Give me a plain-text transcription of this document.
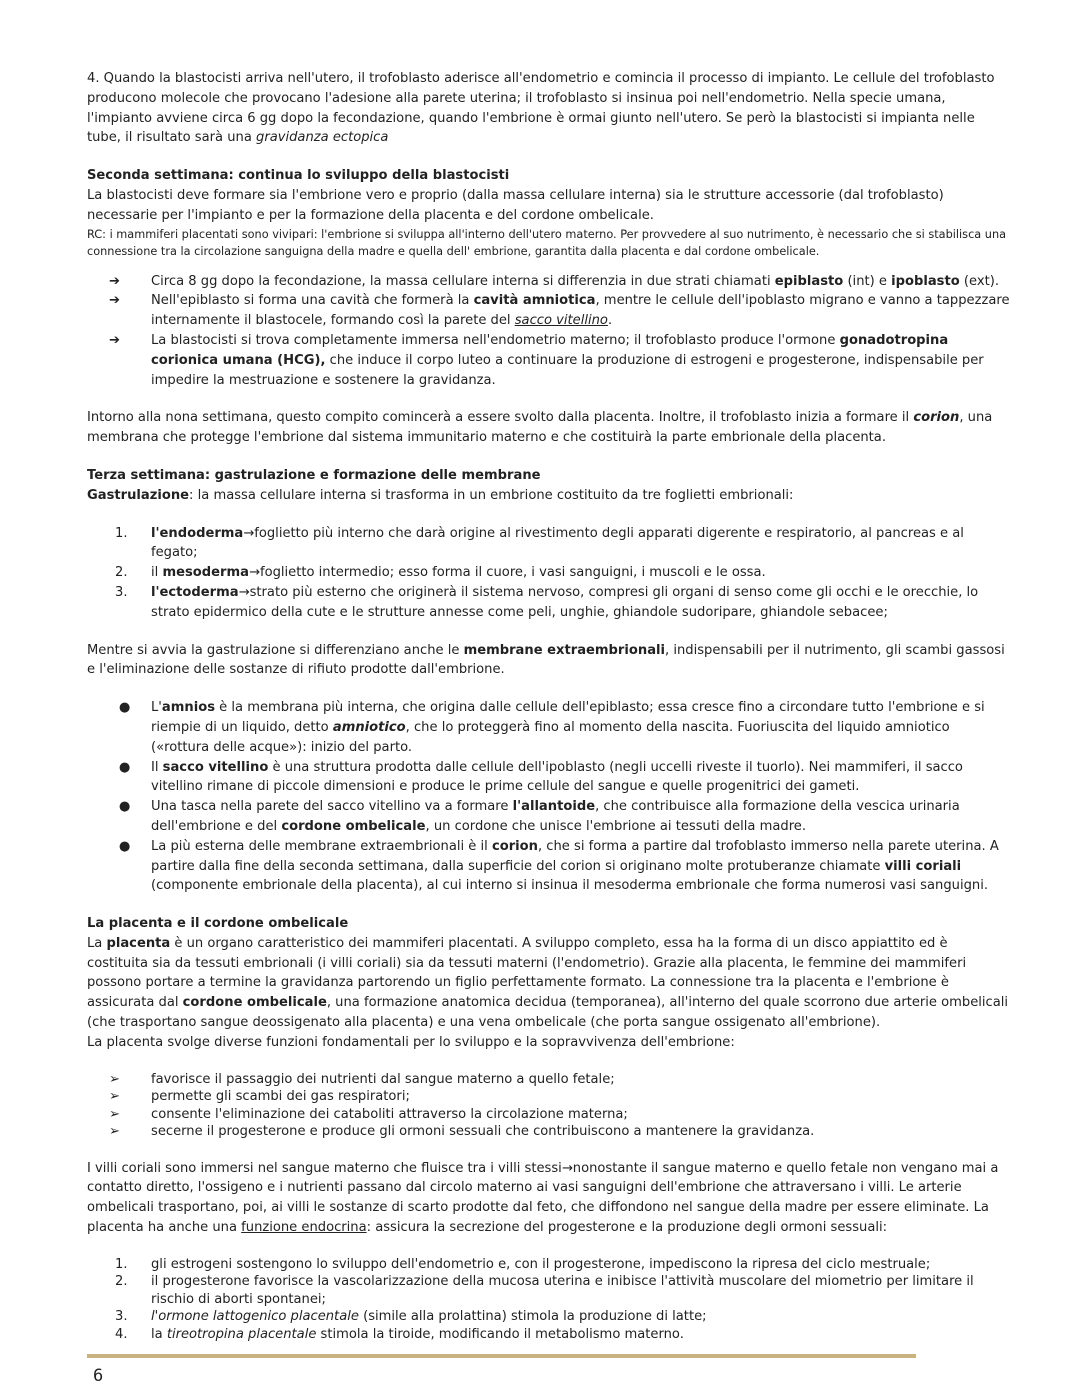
4. Quando la blastocisti arriva nell'utero, il trofoblasto aderisce all'endometrio e comincia il processo di impianto. Le cellule del trofoblasto producono molecole che provocano l'adesione alla parete uterina; il trofoblasto si insinua poi nell'endometrio. Nella specie umana, l'impianto avviene circa 6 gg dopo la fecondazione, quando l'embrione è ormai giunto nell'utero. Se però la blastocisti si impianta nelle tube, il risultato sarà una gravidanza ectopica

Seconda settimana: continua lo sviluppo della blastocisti

La blastocisti deve formare sia l'embrione vero e proprio (dalla massa cellulare interna) sia le strutture accessorie (dal trofoblasto) necessarie per l'impianto e per la formazione della placenta e del cordone ombelicale.

RC: i mammiferi placentati sono vivipari: l'embrione si sviluppa all'interno dell'utero materno. Per provvedere al suo nutrimento, è necessario che si stabilisca una connessione tra la circolazione sanguigna della madre e quella dell' embrione, garantita dalla placenta e dal cordone ombelicale.

➔	Circa 8 gg dopo la fecondazione, la massa cellulare interna si differenzia in due strati chiamati epiblasto (int) e ipoblasto (ext).
➔	Nell'epiblasto si forma una cavità che formerà la cavità amniotica, mentre le cellule dell'ipoblasto migrano e vanno a tappezzare internamente il blastocele, formando così la parete del sacco vitellino.
➔	La blastocisti si trova completamente immersa nell'endometrio materno; il trofoblasto produce l'ormone gonadotropina corionica umana (HCG), che induce il corpo luteo a continuare la produzione di estrogeni e progesterone, indispensabile per impedire la mestruazione e sostenere la gravidanza.

Intorno alla nona settimana, questo compito comincerà a essere svolto dalla placenta. Inoltre, il trofoblasto inizia a formare il corion, una membrana che protegge l'embrione dal sistema immunitario materno e che costituirà la parte embrionale della placenta.

Terza settimana: gastrulazione e formazione delle membrane

Gastrulazione: la massa cellulare interna si trasforma in un embrione costituito da tre foglietti embrionali:

1.	l'endoderma→foglietto più interno che darà origine al rivestimento degli apparati digerente e respiratorio, al pancreas e al fegato;
2.	il mesoderma→foglietto intermedio; esso forma il cuore, i vasi sanguigni, i muscoli e le ossa.
3.	l'ectoderma→strato più esterno che originerà il sistema nervoso, compresi gli organi di senso come gli occhi e le orecchie, lo strato epidermico della cute e le strutture annesse come peli, unghie, ghiandole sudoripare, ghiandole sebacee;

Mentre si avvia la gastrulazione si differenziano anche le membrane extraembrionali, indispensabili per il nutrimento, gli scambi gassosi e l'eliminazione delle sostanze di rifiuto prodotte dall'embrione.

●	L'amnios è la membrana più interna, che origina dalle cellule dell'epiblasto; essa cresce fino a circondare tutto l'embrione e si riempie di un liquido, detto amniotico, che lo proteggerà fino al momento della nascita. Fuoriuscita del liquido amniotico («rottura delle acque»): inizio del parto.
●	Il sacco vitellino è una struttura prodotta dalle cellule dell'ipoblasto (negli uccelli riveste il tuorlo). Nei mammiferi, il sacco vitellino rimane di piccole dimensioni e produce le prime cellule del sangue e quelle progenitrici dei gameti.
●	Una tasca nella parete del sacco vitellino va a formare l'allantoide, che contribuisce alla formazione della vescica urinaria dell'embrione e del cordone ombelicale, un cordone che unisce l'embrione ai tessuti della madre.
●	La più esterna delle membrane extraembrionali è il corion, che si forma a partire dal trofoblasto immerso nella parete uterina. A partire dalla fine della seconda settimana, dalla superficie del corion si originano molte protuberanze chiamate villi coriali (componente embrionale della placenta), al cui interno si insinua il mesoderma embrionale che forma numerosi vasi sanguigni.

La placenta e il cordone ombelicale

La placenta è un organo caratteristico dei mammiferi placentati. A sviluppo completo, essa ha la forma di un disco appiattito ed è costituita sia da tessuti embrionali (i villi coriali) sia da tessuti materni (l'endometrio). Grazie alla placenta, le femmine dei mammiferi possono portare a termine la gravidanza partorendo un figlio perfettamente formato. La connessione tra la placenta e l'embrione è assicurata dal cordone ombelicale, una formazione anatomica decidua (temporanea), all'interno del quale scorrono due arterie ombelicali (che trasportano sangue deossigenato alla placenta) e una vena ombelicale (che porta sangue ossigenato all'embrione).

La placenta svolge diverse funzioni fondamentali per lo sviluppo e la sopravvivenza dell'embrione:

➢	favorisce il passaggio dei nutrienti dal sangue materno a quello fetale;
➢	permette gli scambi dei gas respiratori;
➢	consente l'eliminazione dei cataboliti attraverso la circolazione materna;
➢	secerne il progesterone e produce gli ormoni sessuali che contribuiscono a mantenere la gravidanza.

I villi coriali sono immersi nel sangue materno che fluisce tra i villi stessi→nonostante il sangue materno e quello fetale non vengano mai a contatto diretto, l'ossigeno e i nutrienti passano dal circolo materno ai vasi sanguigni dell'embrione che attraversano i villi. Le arterie ombelicali trasportano, poi, ai villi le sostanze di scarto prodotte dal feto, che diffondono nel sangue della madre per essere eliminate. La placenta ha anche una funzione endocrina: assicura la secrezione del progesterone e la produzione degli ormoni sessuali:

1.	gli estrogeni sostengono lo sviluppo dell'endometrio e, con il progesterone, impediscono la ripresa del ciclo mestruale;
2.	il progesterone favorisce la vascolarizzazione della mucosa uterina e inibisce l'attività muscolare del miometrio per limitare il rischio di aborti spontanei;
3.	l'ormone lattogenico placentale (simile alla prolattina) stimola la produzione di latte;
4.	la tireotropina placentale stimola la tiroide, modificando il metabolismo materno.
6
